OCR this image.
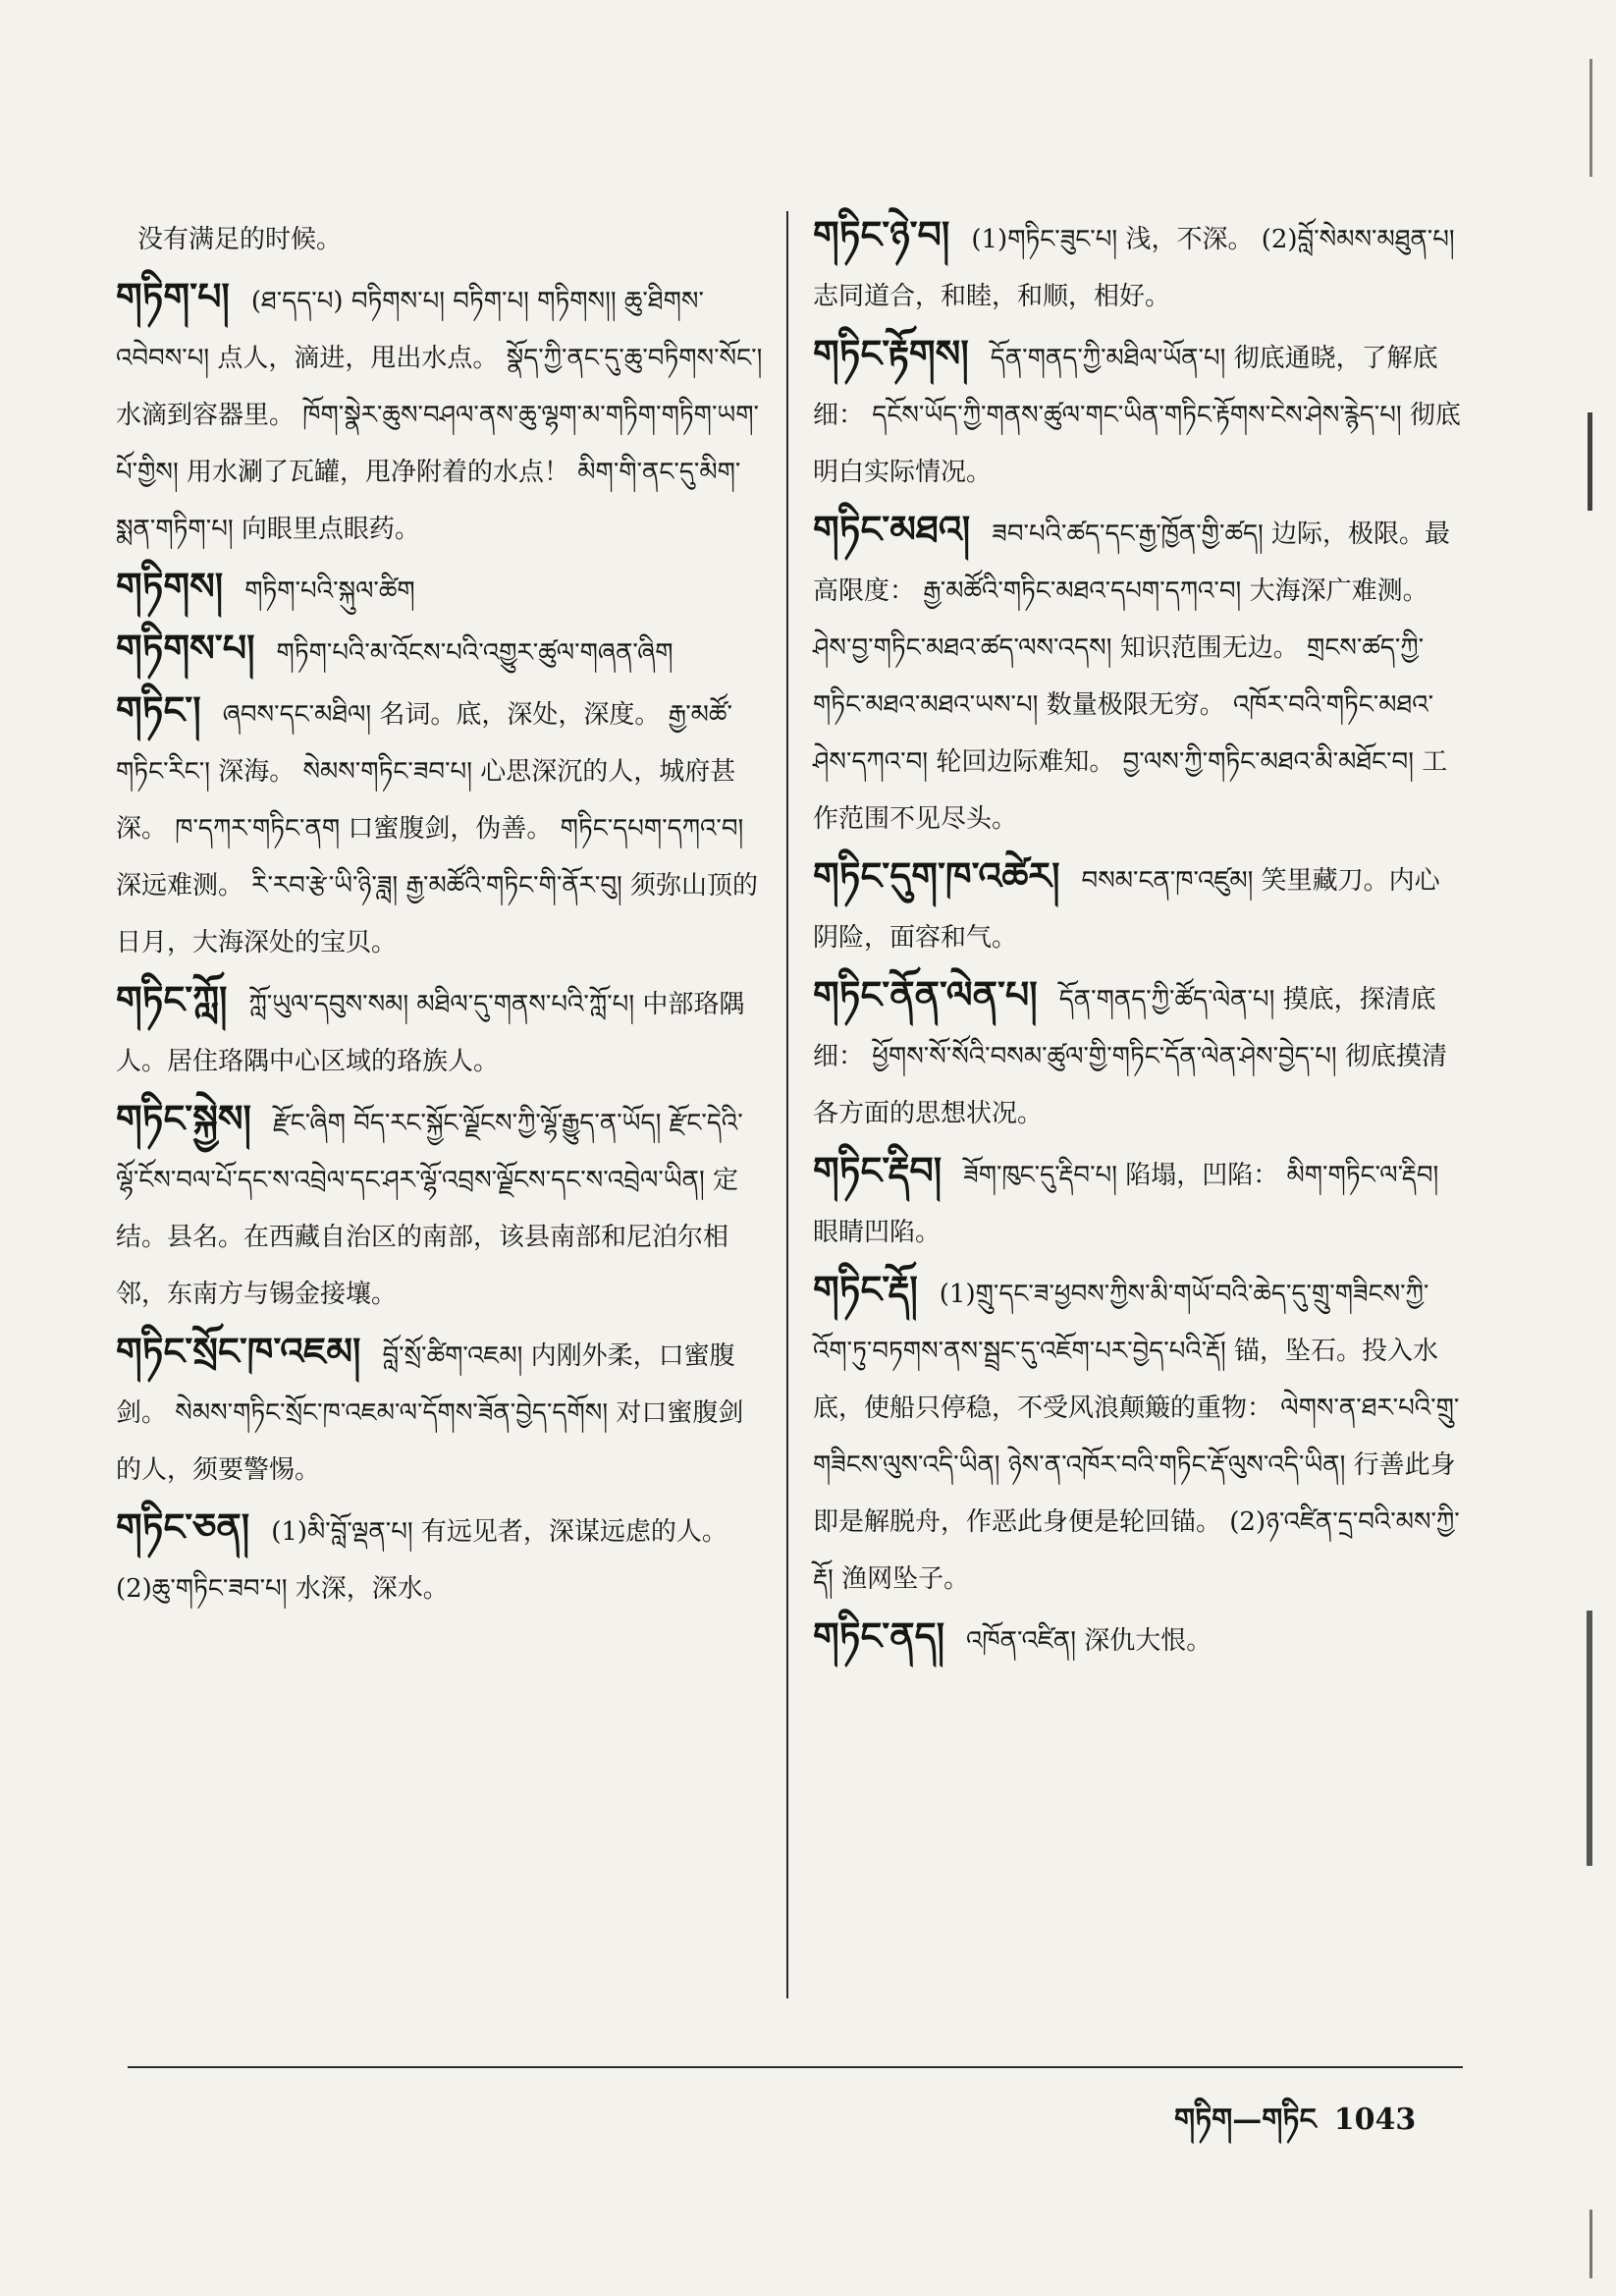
没有满足的时候。

གཏིག་པ། (ཐ་དད་པ) བཏིགས་པ། བཏིག་པ། གཏིགས།། ཆུ་ཐིགས་འབེབས་པ། 点人，滴进，甩出水点。 སྣོད་ཀྱི་ནང་དུ་ཆུ་བཏིགས་སོང་། 水滴到容器里。 ཁོག་སྣེར་ཆུས་བཤལ་ནས་ཆུ་ལྷག་མ་གཏིག་གཏིག་ཡག་པོ་གྱིས། 用水涮了瓦罐，甩净附着的水点！ མིག་གི་ནང་དུ་མིག་སྨན་གཏིག་པ། 向眼里点眼药。

གཏིགས། གཏིག་པའི་སྐུལ་ཚིག

གཏིགས་པ། གཏིག་པའི་མ་འོངས་པའི་འགྱུར་ཚུལ་གཞན་ཞིག

གཏིང་། ཞབས་དང་མཐིལ། 名词。底，深处，深度。 རྒྱ་མཚོ་གཏིང་རིང་། 深海。 སེམས་གཏིང་ཟབ་པ། 心思深沉的人，城府甚深。 ཁ་དཀར་གཏིང་ནག 口蜜腹剑，伪善。 གཏིང་དཔག་དཀའ་བ། 深远难测。 རི་རབ་རྩེ་ཡི་ཉི་ཟླ། རྒྱ་མཚོའི་གཏིང་གི་ནོར་བུ། 须弥山顶的日月，大海深处的宝贝。

གཏིང་ཀློ། ཀློ་ཡུལ་དབུས་སམ། མཐིལ་དུ་གནས་པའི་ཀློ་པ། 中部珞隅人。居住珞隅中心区域的珞族人。

གཏིང་སྐྱེས། རྫོང་ཞིག བོད་རང་སྐྱོང་ལྗོངས་ཀྱི་ལྷོ་རྒྱུད་ན་ཡོད། རྫོང་དེའི་ལྷོ་ངོས་བལ་པོ་དང་ས་འབྲེལ་དང་ཤར་ལྷོ་འབྲས་ལྗོངས་དང་ས་འབྲེལ་ཡིན། 定结。县名。在西藏自治区的南部，该县南部和尼泊尔相邻，东南方与锡金接壤。

གཏིང་སྲོང་ཁ་འཇམ། བློ་སྲོ་ཚིག་འཇམ། 内刚外柔，口蜜腹剑。 སེམས་གཏིང་སྲོང་ཁ་འཇམ་ལ་དོགས་ཟོན་བྱེད་དགོས། 对口蜜腹剑的人，须要警惕。

གཏིང་ཅན། (1)མི་བློ་ལྡན་པ། 有远见者，深谋远虑的人。 (2)ཆུ་གཏིང་ཟབ་པ། 水深，深水。

གཏིང་ཉེ་བ། (1)གཏིང་ཟུང་པ། 浅，不深。 (2)བློ་སེམས་མཐུན་པ། 志同道合，和睦，和顺，相好。

གཏིང་རྟོགས། དོན་གནད་ཀྱི་མཐིལ་ཡོན་པ། 彻底通晓，了解底细： དངོས་ཡོད་ཀྱི་གནས་ཚུལ་གང་ཡིན་གཏིང་རྟོགས་ངེས་ཤེས་རྙེད་པ། 彻底明白实际情况。

གཏིང་མཐའ། ཟབ་པའི་ཚད་དང་རྒྱ་ཁྱོན་གྱི་ཚད། 边际，极限。最高限度： རྒྱ་མཚོའི་གཏིང་མཐའ་དཔག་དཀའ་བ། 大海深广难测。 ཤེས་བྱ་གཏིང་མཐའ་ཚད་ལས་འདས། 知识范围无边。 གྲངས་ཚད་ཀྱི་གཏིང་མཐའ་མཐའ་ཡས་པ། 数量极限无穷。 འཁོར་བའི་གཏིང་མཐའ་ཤེས་དཀའ་བ། 轮回边际难知。 བྱ་ལས་ཀྱི་གཏིང་མཐའ་མི་མཐོང་བ། 工作范围不见尽头。

གཏིང་དུག་ཁ་འཚེར། བསམ་ངན་ཁ་འཛུམ། 笑里藏刀。内心阴险，面容和气。

གཏིང་ནོན་ལེན་པ། དོན་གནད་ཀྱི་ཚོད་ལེན་པ། 摸底，探清底细： ཕྱོགས་སོ་སོའི་བསམ་ཚུལ་གྱི་གཏིང་དོན་ལེན་ཤེས་བྱེད་པ། 彻底摸清各方面的思想状况。

གཏིང་རྡིབ། ཟོག་ཁུང་དུ་རྡིབ་པ། 陷塌，凹陷： མིག་གཏིང་ལ་རྡིབ། 眼睛凹陷。

གཏིང་རྡོ། (1)གྲུ་དང་ཟ་ཕྱབས་ཀྱིས་མི་གཡོ་བའི་ཆེད་དུ་གྲུ་གཟིངས་ཀྱི་འོག་ཏུ་བཏགས་ནས་སྦྲང་དུ་འཇོག་པར་བྱེད་པའི་རྡོ། 锚，坠石。投入水底，使船只停稳，不受风浪颠簸的重物： ལེགས་ན་ཐར་པའི་གྲུ་གཟིངས་ལུས་འདི་ཡིན། ཉེས་ན་འཁོར་བའི་གཏིང་རྡོ་ལུས་འདི་ཡིན། 行善此身即是解脱舟，作恶此身便是轮回锚。 (2)ཉ་འཛིན་དྲ་བའི་མས་ཀྱི་རྡོ། 渔网坠子。

གཏིང་ནད། འཁོན་འཛིན། 深仇大恨。

གཏིག—གཏིང 1043
